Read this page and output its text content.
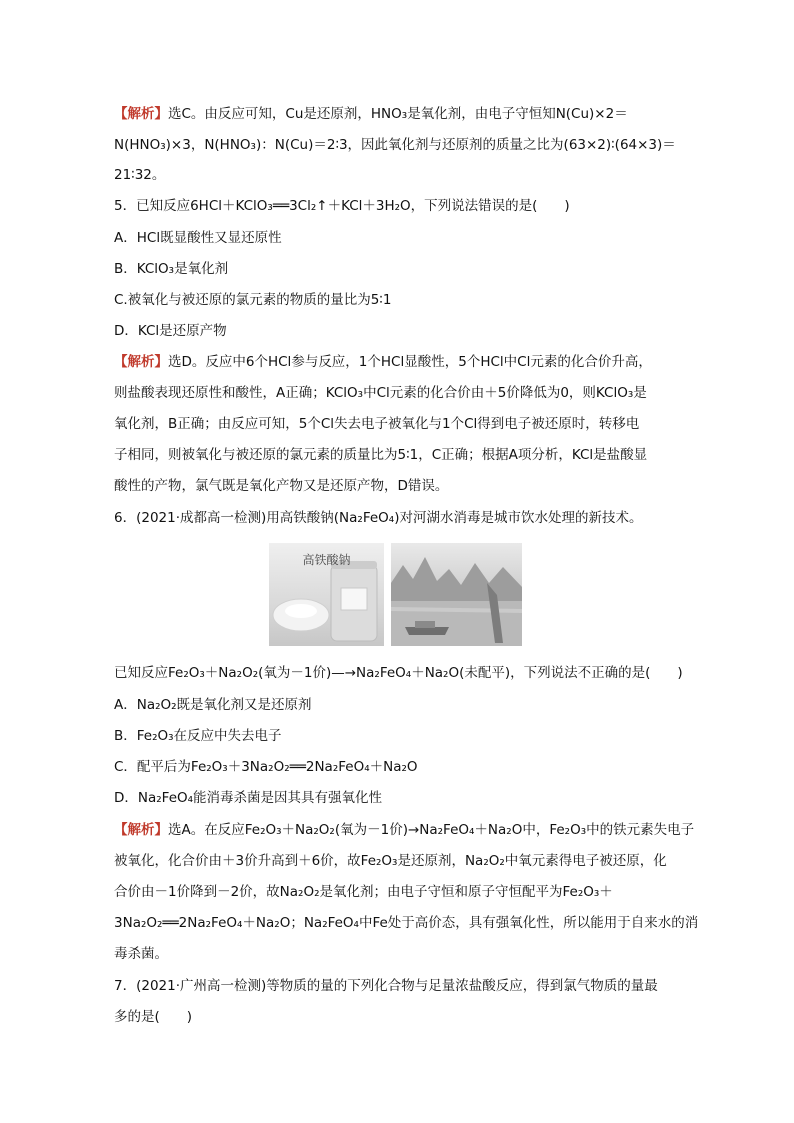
【解析】选C。由反应可知，Cu是还原剂，HNO₃是氧化剂，由电子守恒知N(Cu)×2＝
N(HNO₃)×3，N(HNO₃)：N(Cu)＝2∶3，因此氧化剂与还原剂的质量之比为(63×2)∶(64×3)＝
21∶32。
5．已知反应6HCl＋KClO₃══3Cl₂↑＋KCl＋3H₂O，下列说法错误的是(　　)
A．HCl既显酸性又显还原性
B．KClO₃是氧化剂
C.被氧化与被还原的氯元素的物质的量比为5∶1
D．KCl是还原产物
【解析】选D。反应中6个HCl参与反应，1个HCl显酸性，5个HCl中Cl元素的化合价升高，
则盐酸表现还原性和酸性，A正确；KClO₃中Cl元素的化合价由＋5价降低为0，则KClO₃是
氧化剂，B正确；由反应可知，5个Cl失去电子被氧化与1个Cl得到电子被还原时，转移电
子相同，则被氧化与被还原的氯元素的质量比为5∶1，C正确；根据A项分析，KCl是盐酸显
酸性的产物，氯气既是氧化产物又是还原产物，D错误。
6．(2021·成都高一检测)用高铁酸钠(Na₂FeO₄)对河湖水消毒是城市饮水处理的新技术。
高铁酸钠
已知反应Fe₂O₃＋Na₂O₂(氧为－1价)—→Na₂FeO₄＋Na₂O(未配平)，下列说法不正确的是(　　)
A．Na₂O₂既是氧化剂又是还原剂
B．Fe₂O₃在反应中失去电子
C．配平后为Fe₂O₃＋3Na₂O₂══2Na₂FeO₄＋Na₂O
D．Na₂FeO₄能消毒杀菌是因其具有强氧化性
【解析】选A。在反应Fe₂O₃＋Na₂O₂(氧为－1价)→Na₂FeO₄＋Na₂O中，Fe₂O₃中的铁元素失电子
被氧化，化合价由＋3价升高到＋6价，故Fe₂O₃是还原剂，Na₂O₂中氧元素得电子被还原，化
合价由－1价降到－2价，故Na₂O₂是氧化剂；由电子守恒和原子守恒配平为Fe₂O₃＋
3Na₂O₂══2Na₂FeO₄＋Na₂O；Na₂FeO₄中Fe处于高价态，具有强氧化性，所以能用于自来水的消
毒杀菌。
7．(2021·广州高一检测)等物质的量的下列化合物与足量浓盐酸反应，得到氯气物质的量最
多的是(　　)
